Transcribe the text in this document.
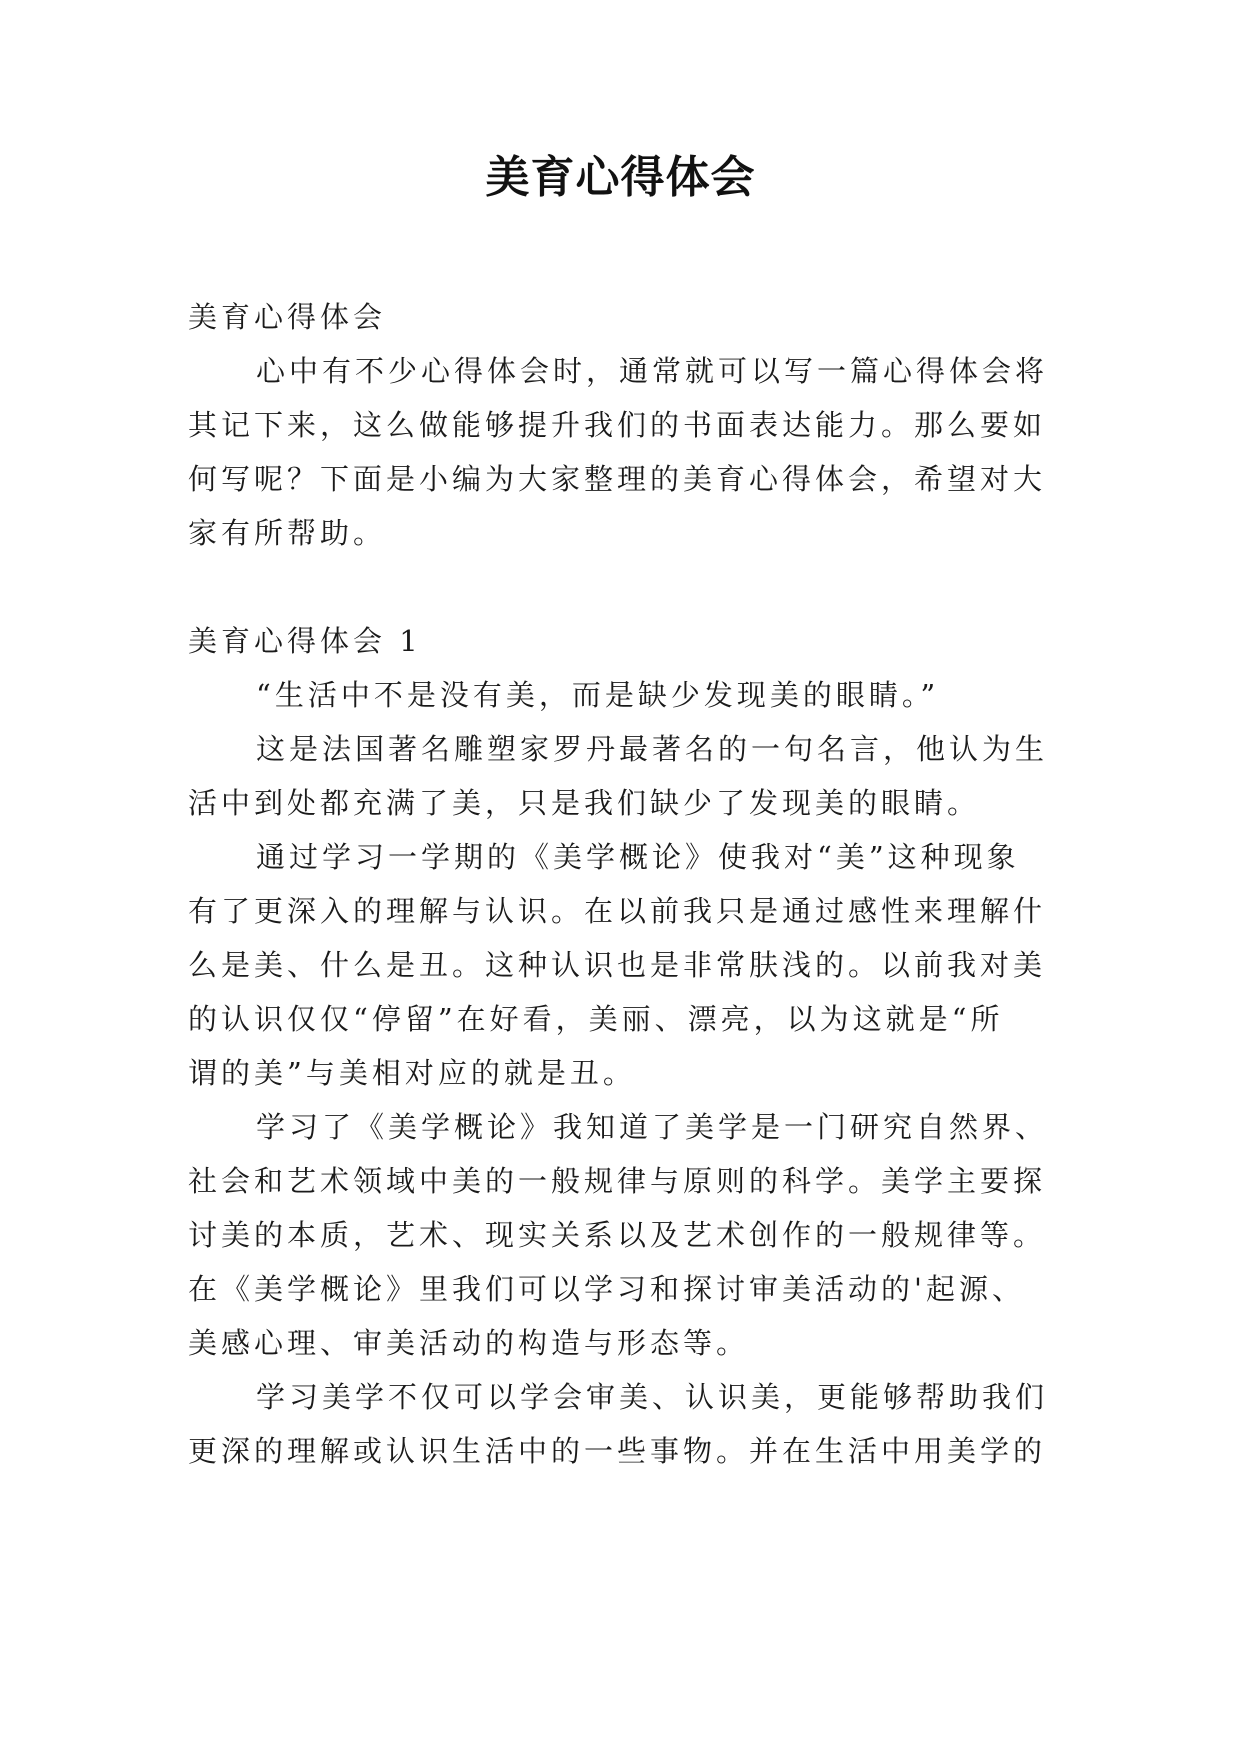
美育心得体会
美育心得体会
心中有不少心得体会时，通常就可以写一篇心得体会将
其记下来，这么做能够提升我们的书面表达能力。那么要如
何写呢？下面是小编为大家整理的美育心得体会，希望对大
家有所帮助。
美育心得体会 1
“生活中不是没有美，而是缺少发现美的眼睛。”
这是法国著名雕塑家罗丹最著名的一句名言，他认为生
活中到处都充满了美，只是我们缺少了发现美的眼睛。
通过学习一学期的《美学概论》使我对“美”这种现象
有了更深入的理解与认识。在以前我只是通过感性来理解什
么是美、什么是丑。这种认识也是非常肤浅的。以前我对美
的认识仅仅“停留”在好看，美丽、漂亮，以为这就是“所
谓的美”与美相对应的就是丑。
学习了《美学概论》我知道了美学是一门研究自然界、
社会和艺术领域中美的一般规律与原则的科学。美学主要探
讨美的本质，艺术、现实关系以及艺术创作的一般规律等。
在《美学概论》里我们可以学习和探讨审美活动的'起源、
美感心理、审美活动的构造与形态等。
学习美学不仅可以学会审美、认识美，更能够帮助我们
更深的理解或认识生活中的一些事物。并在生活中用美学的
